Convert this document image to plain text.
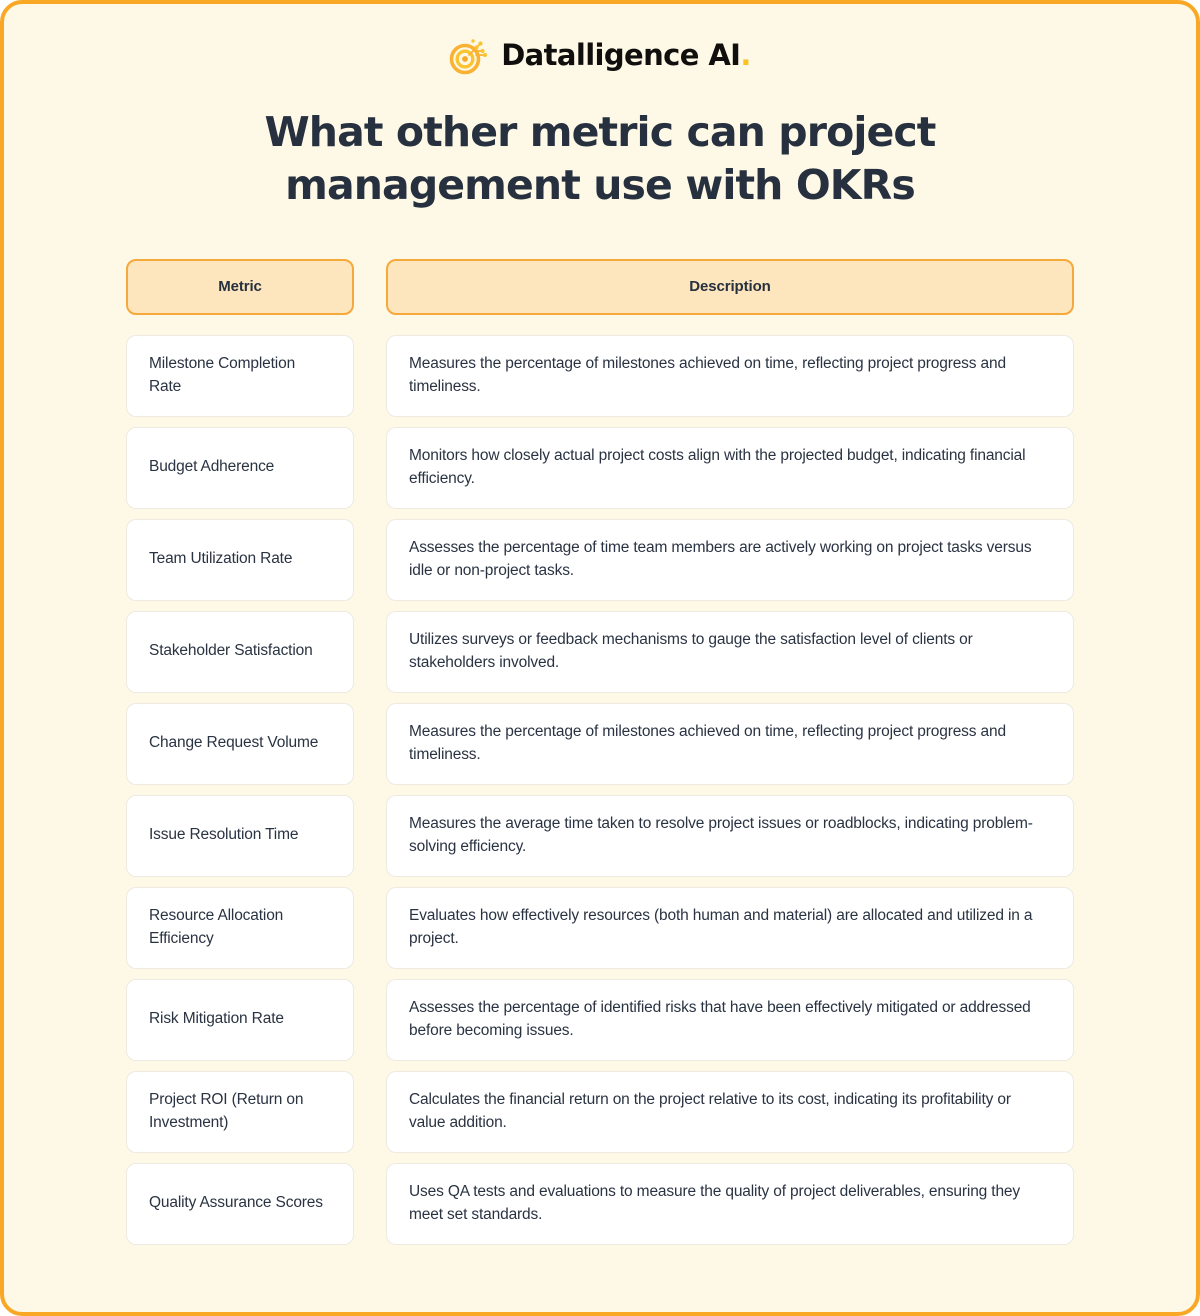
Datalligence AI.
What other metric can project management use with OKRs
Metric	Description
Milestone Completion Rate
Measures the percentage of milestones achieved on time, reflecting project progress and timeliness.
Budget Adherence
Monitors how closely actual project costs align with the projected budget, indicating financial efficiency.
Team Utilization Rate
Assesses the percentage of time team members are actively working on project tasks versus idle or non-project tasks.
Stakeholder Satisfaction
Utilizes surveys or feedback mechanisms to gauge the satisfaction level of clients or stakeholders involved.
Change Request Volume
Measures the percentage of milestones achieved on time, reflecting project progress and timeliness.
Issue Resolution Time
Measures the average time taken to resolve project issues or roadblocks, indicating problem-solving efficiency.
Resource Allocation Efficiency
Evaluates how effectively resources (both human and material) are allocated and utilized in a project.
Risk Mitigation Rate
Assesses the percentage of identified risks that have been effectively mitigated or addressed before becoming issues.
Project ROI (Return on Investment)
Calculates the financial return on the project relative to its cost, indicating its profitability or value addition.
Quality Assurance Scores
Uses QA tests and evaluations to measure the quality of project deliverables, ensuring they meet set standards.
